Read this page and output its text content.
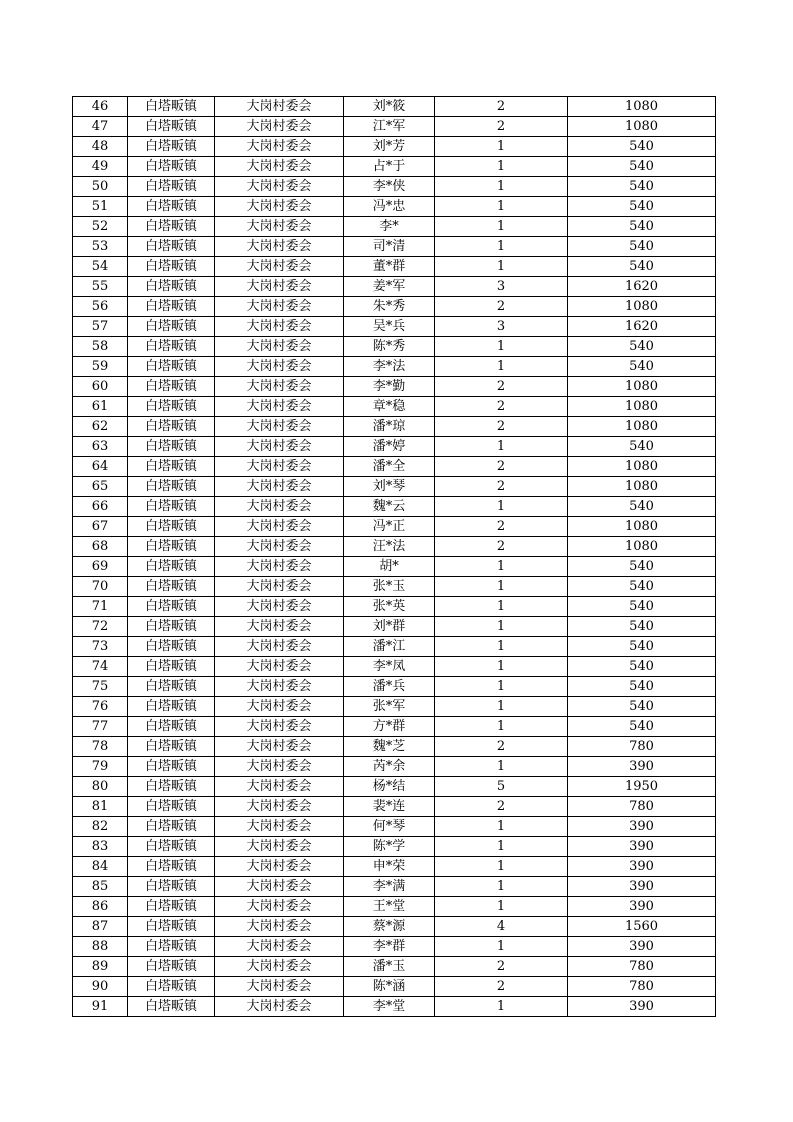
46	白塔畈镇	大岗村委会	刘*筱	2	1080
47	白塔畈镇	大岗村委会	江*军	2	1080
48	白塔畈镇	大岗村委会	刘*芳	1	540
49	白塔畈镇	大岗村委会	占*于	1	540
50	白塔畈镇	大岗村委会	李*侠	1	540
51	白塔畈镇	大岗村委会	冯*忠	1	540
52	白塔畈镇	大岗村委会	李*	1	540
53	白塔畈镇	大岗村委会	司*清	1	540
54	白塔畈镇	大岗村委会	董*群	1	540
55	白塔畈镇	大岗村委会	姜*军	3	1620
56	白塔畈镇	大岗村委会	朱*秀	2	1080
57	白塔畈镇	大岗村委会	吴*兵	3	1620
58	白塔畈镇	大岗村委会	陈*秀	1	540
59	白塔畈镇	大岗村委会	李*法	1	540
60	白塔畈镇	大岗村委会	李*勤	2	1080
61	白塔畈镇	大岗村委会	章*稳	2	1080
62	白塔畈镇	大岗村委会	潘*琼	2	1080
63	白塔畈镇	大岗村委会	潘*婷	1	540
64	白塔畈镇	大岗村委会	潘*全	2	1080
65	白塔畈镇	大岗村委会	刘*琴	2	1080
66	白塔畈镇	大岗村委会	魏*云	1	540
67	白塔畈镇	大岗村委会	冯*正	2	1080
68	白塔畈镇	大岗村委会	汪*法	2	1080
69	白塔畈镇	大岗村委会	胡*	1	540
70	白塔畈镇	大岗村委会	张*玉	1	540
71	白塔畈镇	大岗村委会	张*英	1	540
72	白塔畈镇	大岗村委会	刘*群	1	540
73	白塔畈镇	大岗村委会	潘*江	1	540
74	白塔畈镇	大岗村委会	李*凤	1	540
75	白塔畈镇	大岗村委会	潘*兵	1	540
76	白塔畈镇	大岗村委会	张*军	1	540
77	白塔畈镇	大岗村委会	方*群	1	540
78	白塔畈镇	大岗村委会	魏*芝	2	780
79	白塔畈镇	大岗村委会	芮*余	1	390
80	白塔畈镇	大岗村委会	杨*结	5	1950
81	白塔畈镇	大岗村委会	裴*连	2	780
82	白塔畈镇	大岗村委会	何*琴	1	390
83	白塔畈镇	大岗村委会	陈*学	1	390
84	白塔畈镇	大岗村委会	申*荣	1	390
85	白塔畈镇	大岗村委会	李*满	1	390
86	白塔畈镇	大岗村委会	王*堂	1	390
87	白塔畈镇	大岗村委会	蔡*源	4	1560
88	白塔畈镇	大岗村委会	李*群	1	390
89	白塔畈镇	大岗村委会	潘*玉	2	780
90	白塔畈镇	大岗村委会	陈*涵	2	780
91	白塔畈镇	大岗村委会	李*堂	1	390
